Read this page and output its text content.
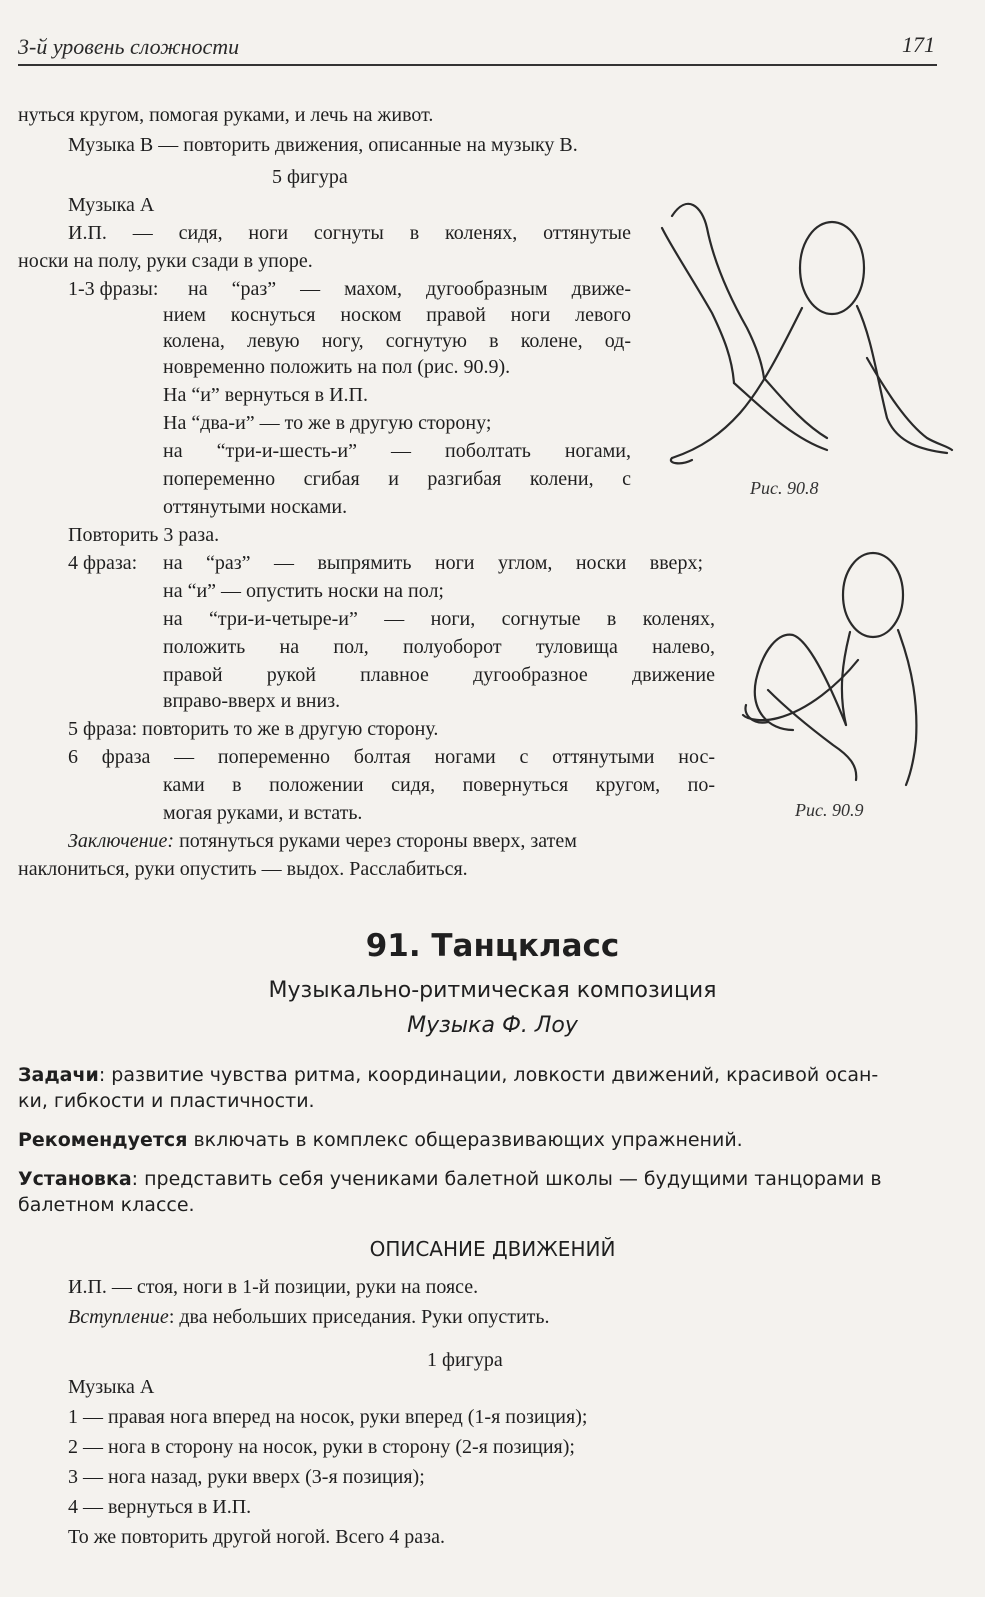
3-й уровень сложности	171
нуться кругом, помогая руками, и лечь на живот.
Музыка В — повторить движения, описанные на музыку В.
5 фигура
Музыка А
И.П. — сидя, ноги согнуты в коленях, оттянутые
носки на полу, руки сзади в упоре.
1-3 фразы: на “раз” — махом, дугообразным движе-
нием коснуться носком правой ноги левого
колена, левую ногу, согнутую в колене, од-
новременно положить на пол (рис. 90.9).
На “и” вернуться в И.П.
На “два-и” — то же в другую сторону;
на “три-и-шесть-и” — поболтать ногами,
попеременно сгибая и разгибая колени, с
оттянутыми носками.
Повторить 3 раза.
4 фраза: на “раз” — выпрямить ноги углом, носки вверх;
на “и” — опустить носки на пол;
на “три-и-четыре-и” — ноги, согнутые в коленях,
положить на пол, полуоборот туловища налево,
правой рукой плавное дугообразное движение
вправо-вверх и вниз.
5 фраза: повторить то же в другую сторону.
6 фраза — попеременно болтая ногами с оттянутыми нос-
ками в положении сидя, повернуться кругом, по-
могая руками, и встать.
Заключение: потянуться руками через стороны вверх, затем
наклониться, руки опустить — выдох. Расслабиться.
Рис. 90.8
Рис. 90.9
91. Танцкласс
Музыкально-ритмическая композиция
Музыка Ф. Лоу
Задачи: развитие чувства ритма, координации, ловкости движений, красивой осан-
ки, гибкости и пластичности.
Рекомендуется включать в комплекс общеразвивающих упражнений.
Установка: представить себя учениками балетной школы — будущими танцорами в
балетном классе.
ОПИСАНИЕ ДВИЖЕНИЙ
И.П. — стоя, ноги в 1-й позиции, руки на поясе.
Вступление: два небольших приседания. Руки опустить.
1 фигура
Музыка А
1 — правая нога вперед на носок, руки вперед (1-я позиция);
2 — нога в сторону на носок, руки в сторону (2-я позиция);
3 — нога назад, руки вверх (3-я позиция);
4 — вернуться в И.П.
То же повторить другой ногой. Всего 4 раза.
